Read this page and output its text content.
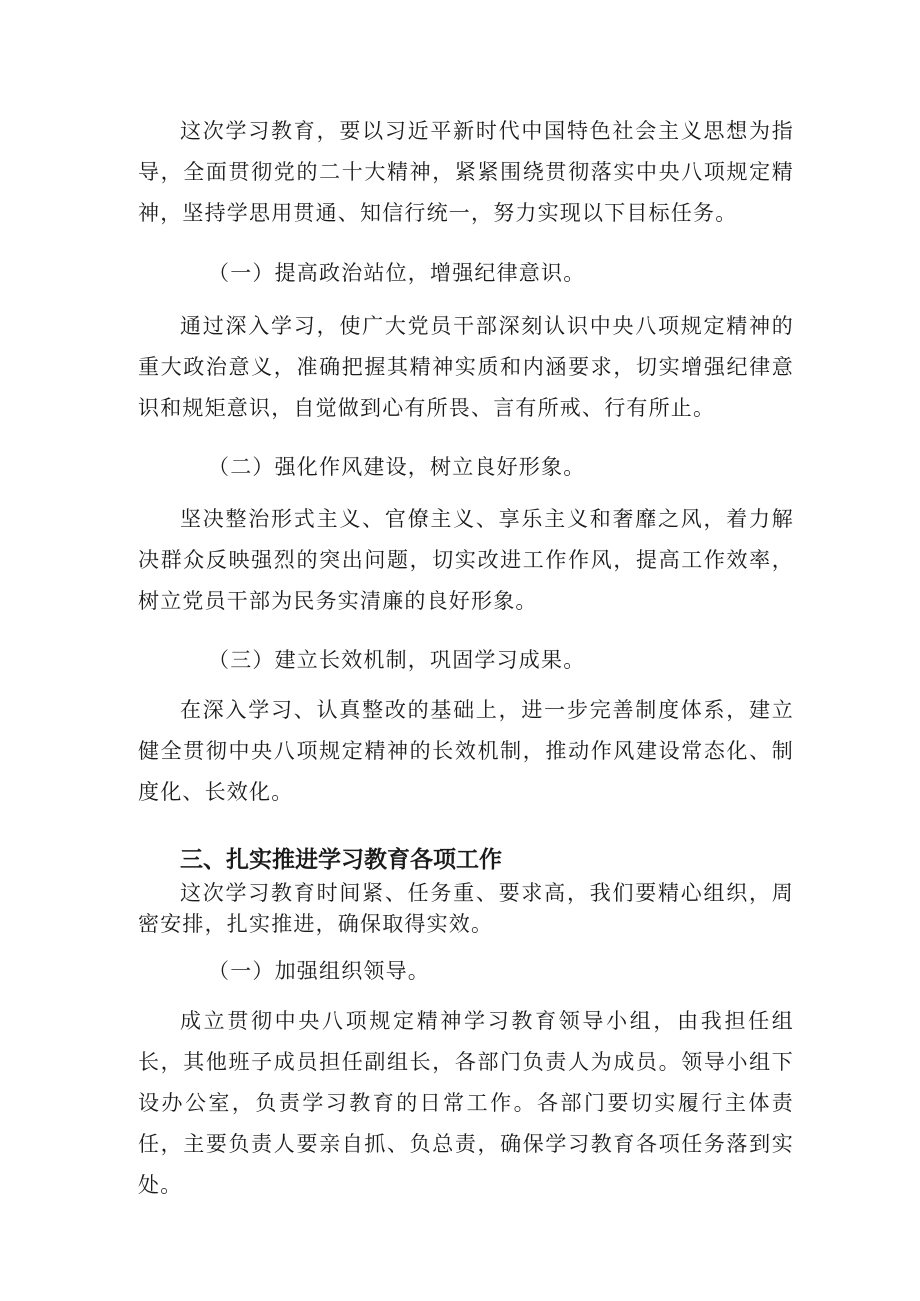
这次学习教育，要以习近平新时代中国特色社会主义思想为指导，全面贯彻党的二十大精神，紧紧围绕贯彻落实中央八项规定精神，坚持学思用贯通、知信行统一，努力实现以下目标任务。

（一）提高政治站位，增强纪律意识。

通过深入学习，使广大党员干部深刻认识中央八项规定精神的重大政治意义，准确把握其精神实质和内涵要求，切实增强纪律意识和规矩意识，自觉做到心有所畏、言有所戒、行有所止。

（二）强化作风建设，树立良好形象。

坚决整治形式主义、官僚主义、享乐主义和奢靡之风，着力解决群众反映强烈的突出问题，切实改进工作作风，提高工作效率，树立党员干部为民务实清廉的良好形象。

（三）建立长效机制，巩固学习成果。

在深入学习、认真整改的基础上，进一步完善制度体系，建立健全贯彻中央八项规定精神的长效机制，推动作风建设常态化、制度化、长效化。

三、扎实推进学习教育各项工作

这次学习教育时间紧、任务重、要求高，我们要精心组织，周密安排，扎实推进，确保取得实效。

（一）加强组织领导。

成立贯彻中央八项规定精神学习教育领导小组，由我担任组长，其他班子成员担任副组长，各部门负责人为成员。领导小组下设办公室，负责学习教育的日常工作。各部门要切实履行主体责任，主要负责人要亲自抓、负总责，确保学习教育各项任务落到实处。
